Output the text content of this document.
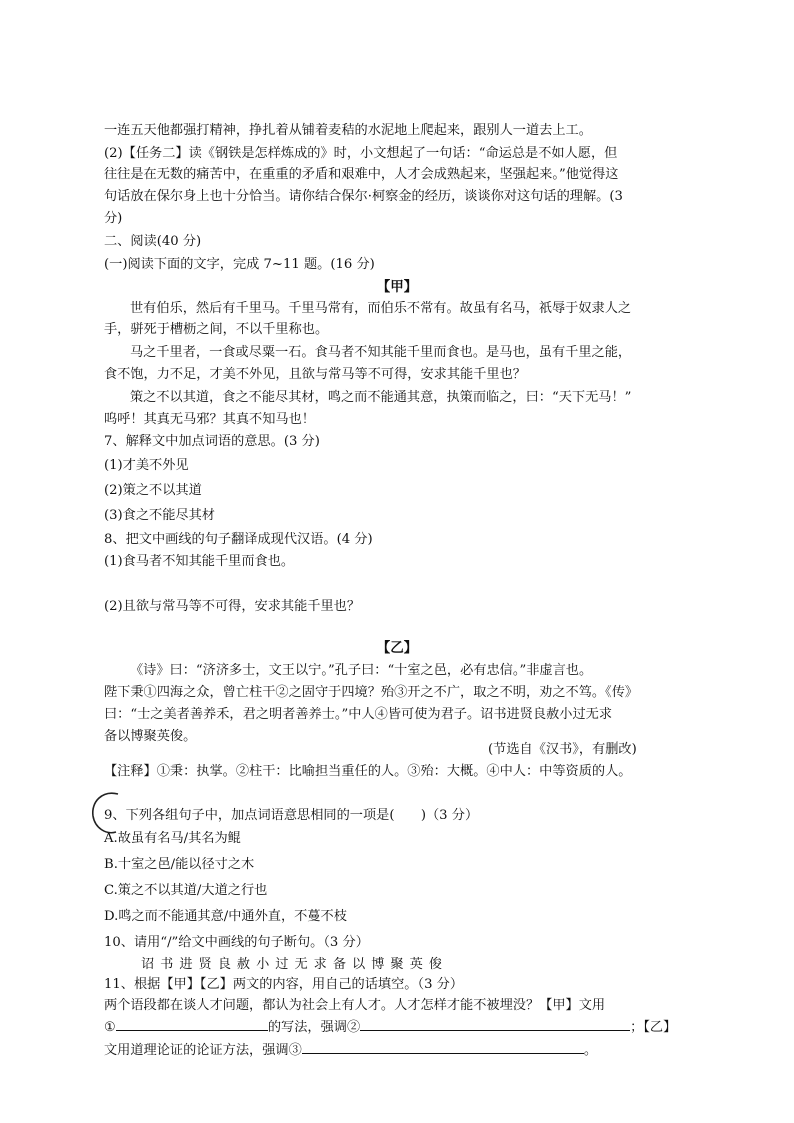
一连五天他都强打精神，挣扎着从铺着麦秸的水泥地上爬起来，跟别人一道去上工。
(2)【任务二】读《钢铁是怎样炼成的》时，小文想起了一句话：“命运总是不如人愿，但
往往是在无数的痛苦中，在重重的矛盾和艰难中，人才会成熟起来，坚强起来。”他觉得这
句话放在保尔身上也十分恰当。请你结合保尔·柯察金的经历，谈谈你对这句话的理解。(3
分)
二、阅读(40 分)
(一)阅读下面的文字，完成 7~11 题。(16 分)
【甲】
世有伯乐，然后有千里马。千里马常有，而伯乐不常有。故虽有名马，祇辱于奴隶人之
手，骈死于槽枥之间，不以千里称也。
马之千里者，一食或尽粟一石。食马者不知其能千里而食也。是马也，虽有千里之能，
食不饱，力不足，才美不外见，且欲与常马等不可得，安求其能千里也？
策之不以其道，食之不能尽其材，鸣之而不能通其意，执策而临之，曰：“天下无马！”
呜呼！其真无马邪？其真不知马也！
7、解释文中加点词语的意思。(3 分)
(1)才美不外见
(2)策之不以其道
(3)食之不能尽其材
8、把文中画线的句子翻译成现代汉语。(4 分)
(1)食马者不知其能千里而食也。
(2)且欲与常马等不可得，安求其能千里也？
【乙】
《诗》曰：“济济多士，文王以宁。”孔子曰：“十室之邑，必有忠信。”非虚言也。
陛下秉①四海之众，曾亡柱干②之固守于四境？殆③开之不广，取之不明，劝之不笃。《传》
曰：“士之美者善养禾，君之明者善养士。”中人④皆可使为君子。诏书进贤良赦小过无求
备以博聚英俊。
(节选自《汉书》，有删改)
【注释】①秉：执掌。②柱干：比喻担当重任的人。③殆：大概。④中人：中等资质的人。
9、下列各组句子中，加点词语意思相同的一项是(　　)（3 分）
A.故虽有名马/其名为鲲
B.十室之邑/能以径寸之木
C.策之不以其道/大道之行也
D.鸣之而不能通其意/中通外直，不蔓不枝
10、请用“/”给文中画线的句子断句。（3 分）
诏书进贤良赦小过无求备以博聚英俊
11、根据【甲】【乙】两文的内容，用自己的话填空。（3 分）
两个语段都在谈人才问题，都认为社会上有人才。人才怎样才能不被埋没？【甲】文用
①	的写法，强调②	；【乙】
文用道理论证的论证方法，强调③	。
